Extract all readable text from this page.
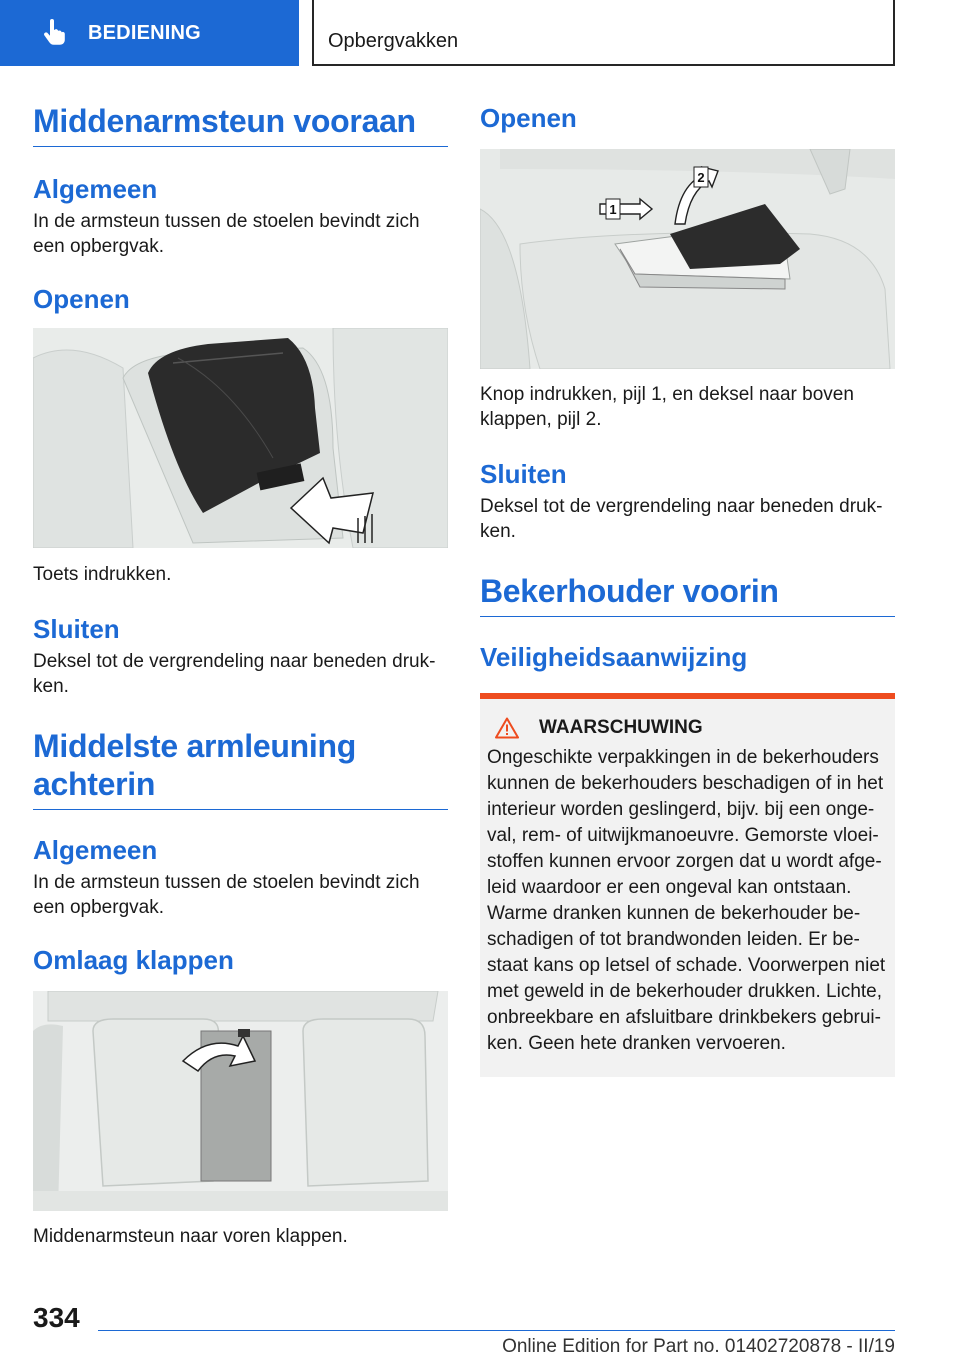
BEDIENING	Opbergvakken
Middenarmsteun vooraan
Algemeen
In de armsteun tussen de stoelen bevindt zich een opbergvak.
Openen
Toets indrukken.
Sluiten
Deksel tot de vergrendeling naar beneden druk-ken.
Middelste armleuning achterin
Algemeen
In de armsteun tussen de stoelen bevindt zich een opbergvak.
Omlaag klappen
Middenarmsteun naar voren klappen.
Openen
1
2
Knop indrukken, pijl 1, en deksel naar boven klappen, pijl 2.
Sluiten
Deksel tot de vergrendeling naar beneden druk-ken.
Bekerhouder voorin
Veiligheidsaanwijzing
WAARSCHUWING
Ongeschikte verpakkingen in de bekerhouders kunnen de bekerhouders beschadigen of in het interieur worden geslingerd, bijv. bij een onge-val, rem- of uitwijkmanoeuvre. Gemorste vloei-stoffen kunnen ervoor zorgen dat u wordt afge-leid waardoor er een ongeval kan ontstaan. Warme dranken kunnen de bekerhouder be-schadigen of tot brandwonden leiden. Er be-staat kans op letsel of schade. Voorwerpen niet met geweld in de bekerhouder drukken. Lichte, onbreekbare en afsluitbare drinkbekers gebrui-ken. Geen hete dranken vervoeren.
334
Online Edition for Part no. 01402720878 - II/19
